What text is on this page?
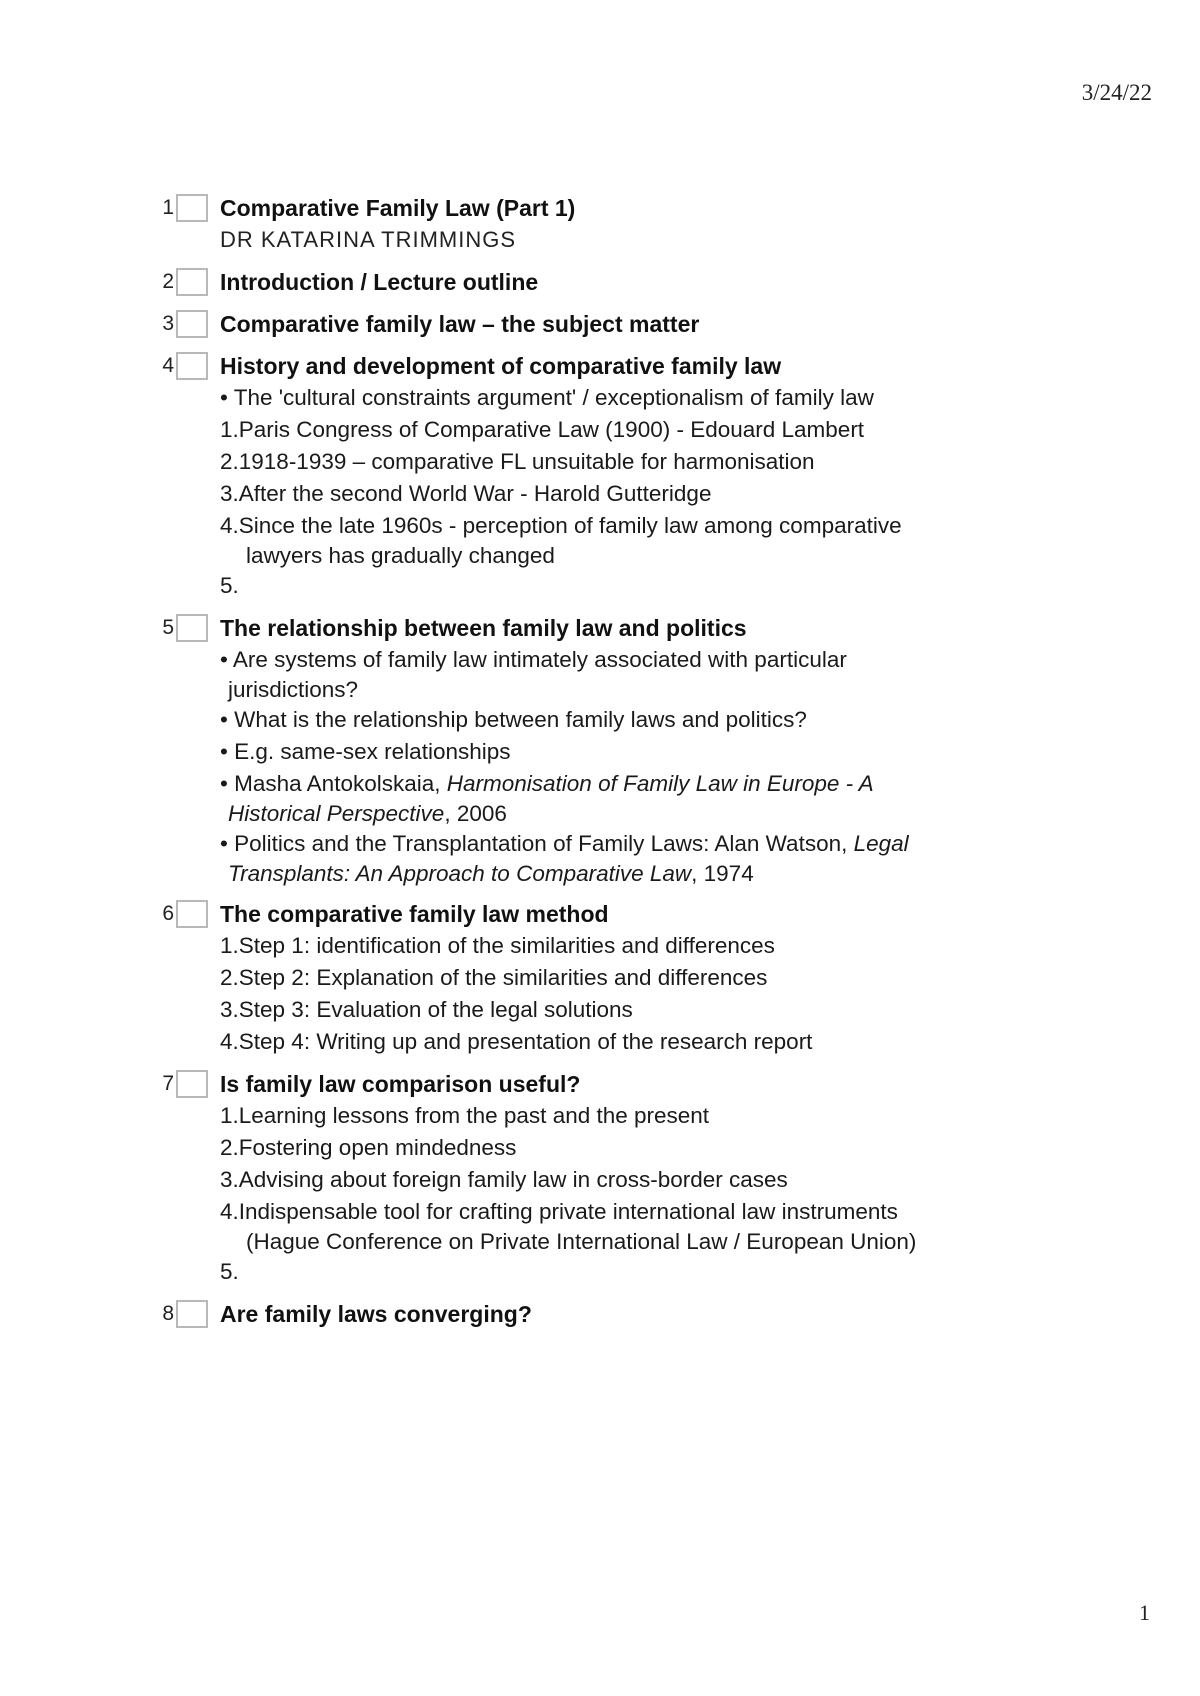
3/24/22
1 Comparative Family Law (Part 1)
DR KATARINA TRIMMINGS
2 Introduction / Lecture outline
3 Comparative family law – the subject matter
4 History and development of comparative family law
• The 'cultural constraints argument' / exceptionalism of family law
1.Paris Congress of Comparative Law (1900) - Edouard Lambert
2.1918-1939 – comparative FL unsuitable for harmonisation
3.After the second World War - Harold Gutteridge
4.Since the late 1960s - perception of family law among comparative
lawyers has gradually changed
5.
5 The relationship between family law and politics
• Are systems of family law intimately associated with particular
jurisdictions?
• What is the relationship between family laws and politics?
• E.g. same-sex relationships
• Masha Antokolskaia, Harmonisation of Family Law in Europe - A
Historical Perspective, 2006
• Politics and the Transplantation of Family Laws: Alan Watson, Legal
Transplants: An Approach to Comparative Law, 1974
6 The comparative family law method
1.Step 1: identification of the similarities and differences
2.Step 2: Explanation of the similarities and differences
3.Step 3: Evaluation of the legal solutions
4.Step 4: Writing up and presentation of the research report
7 Is family law comparison useful?
1.Learning lessons from the past and the present
2.Fostering open mindedness
3.Advising about foreign family law in cross-border cases
4.Indispensable tool for crafting private international law instruments
(Hague Conference on Private International Law / European Union)
5.
8 Are family laws converging?
1
